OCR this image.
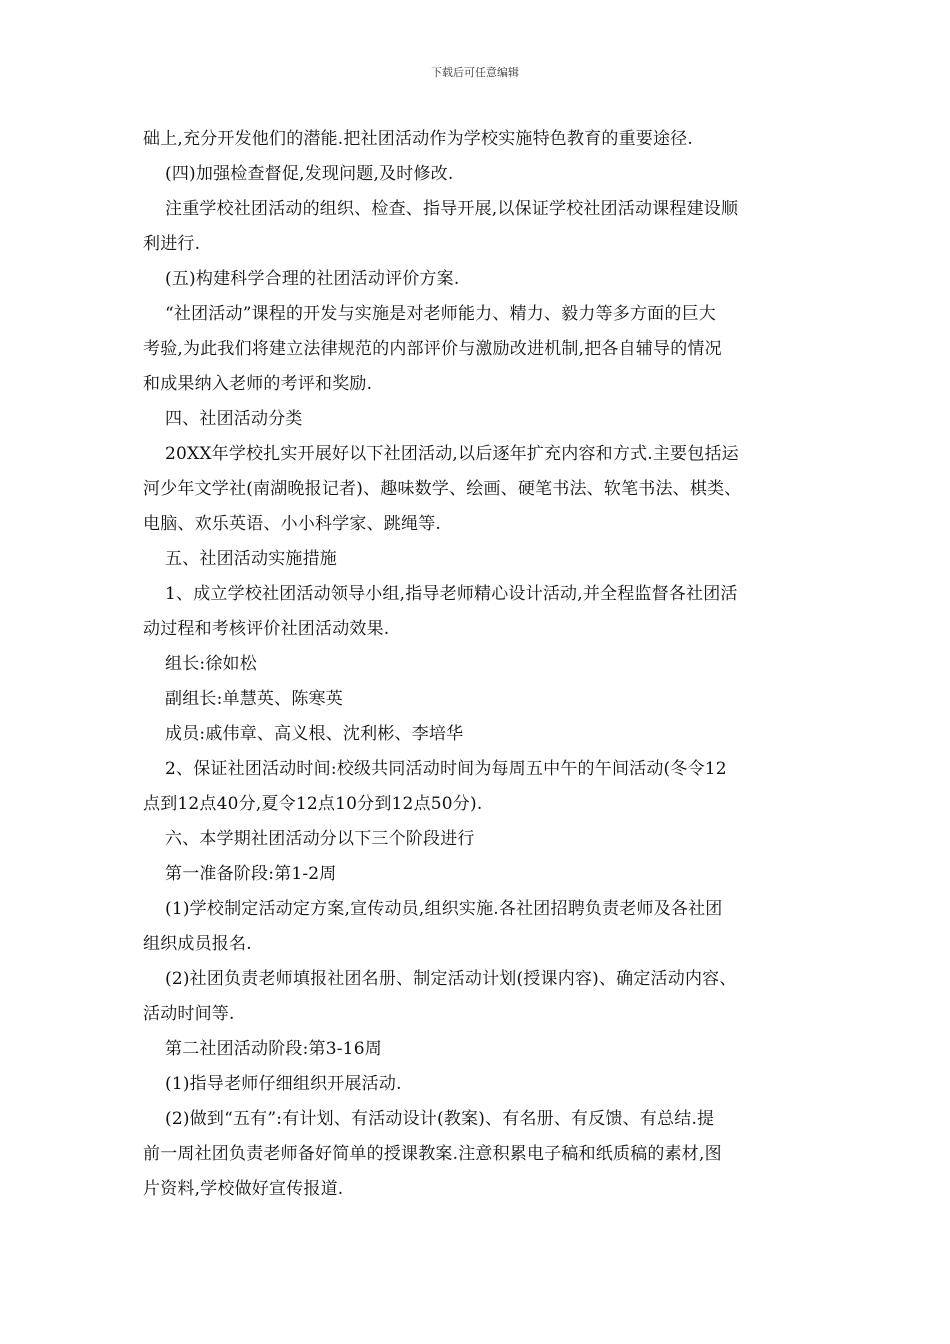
下载后可任意编辑

础上,充分开发他们的潜能.把社团活动作为学校实施特色教育的重要途径.

(四)加强检查督促,发现问题,及时修改.

注重学校社团活动的组织、检查、指导开展,以保证学校社团活动课程建设顺

利进行.

(五)构建科学合理的社团活动评价方案.

“社团活动”课程的开发与实施是对老师能力、精力、毅力等多方面的巨大

考验,为此我们将建立法律规范的内部评价与激励改进机制,把各自辅导的情况

和成果纳入老师的考评和奖励.

四、社团活动分类

20XX年学校扎实开展好以下社团活动,以后逐年扩充内容和方式.主要包括运

河少年文学社(南湖晚报记者)、趣味数学、绘画、硬笔书法、软笔书法、棋类、

电脑、欢乐英语、小小科学家、跳绳等.

五、社团活动实施措施

1、成立学校社团活动领导小组,指导老师精心设计活动,并全程监督各社团活

动过程和考核评价社团活动效果.

组长:徐如松

副组长:单慧英、陈寒英

成员:戚伟章、高义根、沈利彬、李培华

2、保证社团活动时间:校级共同活动时间为每周五中午的午间活动(冬令12

点到12点40分,夏令12点10分到12点50分).

六、本学期社团活动分以下三个阶段进行

第一准备阶段:第1-2周

(1)学校制定活动定方案,宣传动员,组织实施.各社团招聘负责老师及各社团

组织成员报名.

(2)社团负责老师填报社团名册、制定活动计划(授课内容)、确定活动内容、

活动时间等.

第二社团活动阶段:第3-16周

(1)指导老师仔细组织开展活动.

(2)做到“五有”:有计划、有活动设计(教案)、有名册、有反馈、有总结.提

前一周社团负责老师备好简单的授课教案.注意积累电子稿和纸质稿的素材,图

片资料,学校做好宣传报道.
